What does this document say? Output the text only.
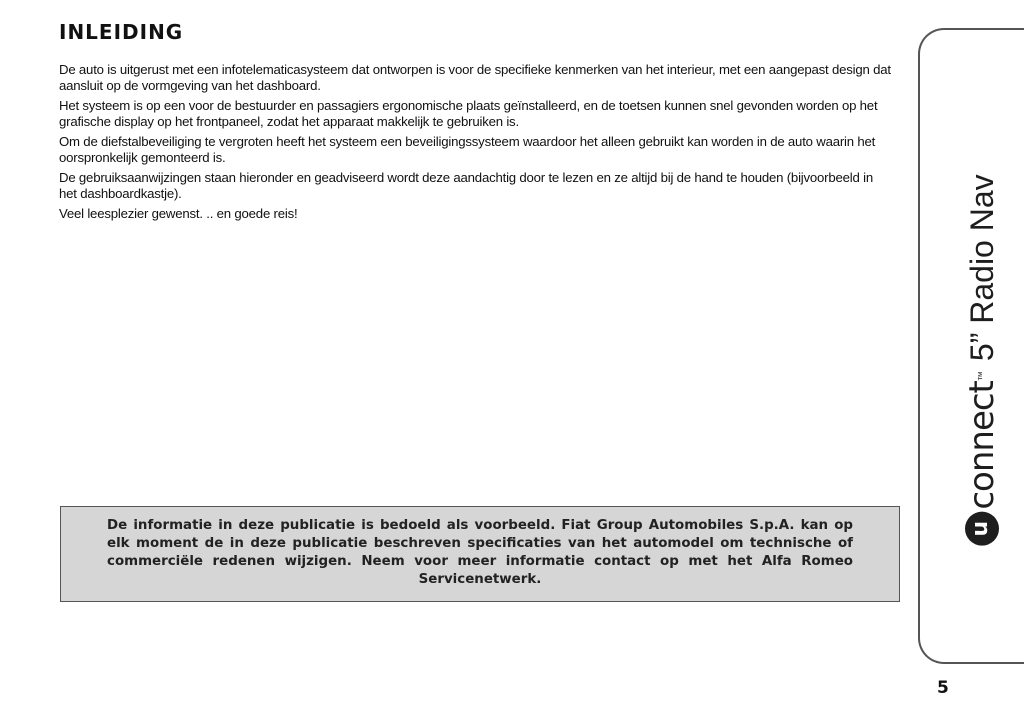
INLEIDING

De auto is uitgerust met een infotelematicasysteem dat ontworpen is voor de specifieke kenmerken van het interieur, met een aangepast design dat aansluit op de vormgeving van het dashboard.

Het systeem is op een voor de bestuurder en passagiers ergonomische plaats geïnstalleerd, en de toetsen kunnen snel gevonden worden op het grafische display op het frontpaneel, zodat het apparaat makkelijk te gebruiken is.

Om de diefstalbeveiliging te vergroten heeft het systeem een beveiligingssysteem waardoor het alleen gebruikt kan worden in de auto waarin het oorspronkelijk gemonteerd is.

De gebruiksaanwijzingen staan hieronder en geadviseerd wordt deze aandachtig door te lezen en ze altijd bij de hand te houden (bijvoorbeeld in het dashboardkastje).

Veel leesplezier gewenst. .. en goede reis!

De informatie in deze publicatie is bedoeld als voorbeeld. Fiat Group Automobiles S.p.A. kan op elk moment de in deze publicatie beschreven specificaties van het automodel om technische of commerciële redenen wijzigen. Neem voor meer informatie contact op met het Alfa Romeo Servicenetwerk.
u
connect
™
5” Radio Nav
5
